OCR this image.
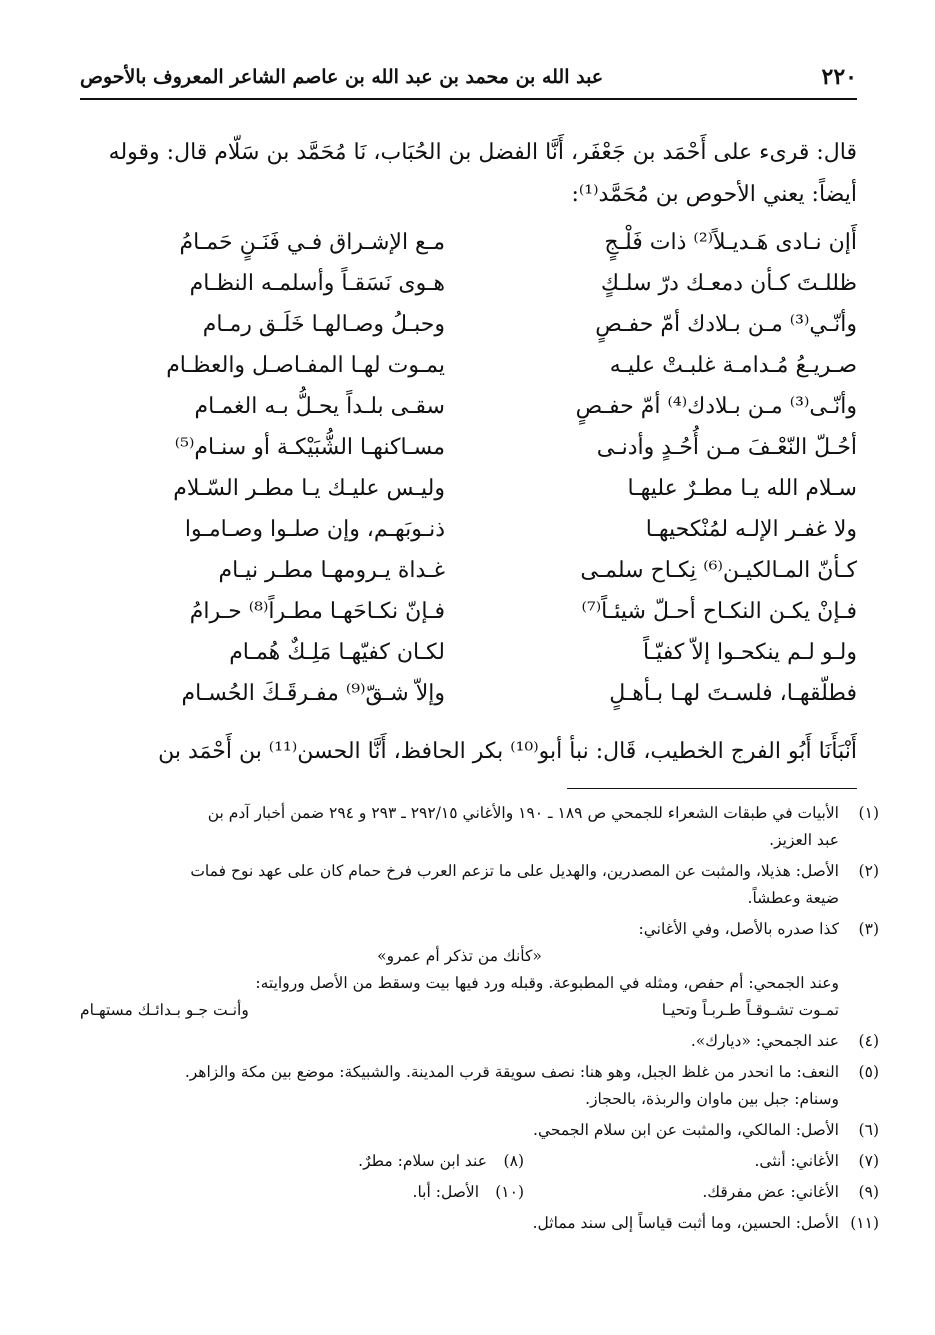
٢٢٠
عبد الله بن محمد بن عبد الله بن عاصم الشاعر المعروف بالأحوص

قال: قرىء على أَحْمَد بن جَعْفَر، أَنَّا الفضل بن الحُبَاب، نَا مُحَمَّد بن سَلّام قال: وقوله

أيضاً: يعني الأحوص بن مُحَمَّد⁽¹⁾:

أَإن نـادى هَـديـلاً⁽²⁾ ذات فَلْـجٍ
مـع الإشـراق فـي فَنَـنٍ حَمـامُ
ظللـتَ كـأن دمعـك درّ سلـكٍ
هـوى نَسَقـاً وأسلمـه النظـام
وأنّـي⁽³⁾ مـن بـلادك أمّ حفـصٍ
وحبـلُ وصـالهـا خَلَـق رمـام
صـريـعُ مُـدامـة غلبـتْ عليـه
يمـوت لهـا المفـاصـل والعظـام
وأنّـى⁽³⁾ مـن بـلادك⁽⁴⁾ أمّ حفـصٍ
سقـى بلـداً يحـلُّ بـه الغمـام
أحُـلّ النّعْـفَ مـن أُحُـدٍ وأدنـى
مسـاكنهـا الشُّبَيْكـة أو سنـام⁽⁵⁾
سـلام الله يـا مطـرٌ عليهـا
وليـس عليـك يـا مطـر السّـلام
ولا غفـر الإلـه لمُنْكحيهـا
ذنـوبَهـم، وإن صلـوا وصـامـوا
كـأنّ المـالكيـن⁽⁶⁾ نِكـاح سلمـى
غـداة يـرومهـا مطـر نيـام
فـإنْ يكـن النكـاح أحـلّ شيئـاً⁽⁷⁾
فـإنّ نكـاحَهـا مطـراً⁽⁸⁾ حـرامُ
ولـو لـم ينكحـوا إلاّ كفيّـاً
لكـان كفيّهـا مَلِـكٌ هُمـام
فطلّقهـا، فلسـتَ لهـا بـأهـلٍ
وإلاّ شـقّ⁽⁹⁾ مفـرقَـكَ الحُسـام
أَنْبَأَنَا أَبُو الفرج الخطيب، قَال: نبأ أبو⁽¹⁰⁾ بكر الحافظ، أَنَّا الحسن⁽¹¹⁾ بن أَحْمَد بن
(١)
الأبيات في طبقات الشعراء للجمحي ص ١٨٩ ـ ١٩٠ والأغاني ٢٩٢/١٥ ـ ٢٩٣ و ٢٩٤ ضمن أخبار آدم بن
عبد العزيز.
(٢)
الأصل: هذيلا، والمثبت عن المصدرين، والهديل على ما تزعم العرب فرخ حمام كان على عهد نوح فمات
ضيعة وعطشاً.
(٣)
كذا صدره بالأصل، وفي الأغاني:
«كأنك من تذكر أم عمرو»
وعند الجمحي: أم حفص، ومثله في المطبوعة. وقبله ورد فيها بيت وسقط من الأصل وروايته:
تمـوت تشـوقـاً طـربـاً وتحيـا
وأنـت جـو بـدائـك مستهـام
(٤)
عند الجمحي: «ديارك».
(٥)
النعف: ما انحدر من غلظ الجبل، وهو هنا: نصف سويقة قرب المدينة. والشبيكة: موضع بين مكة والزاهر.
وسنام: جبل بين ماوان والربذة، بالحجاز.
(٦)
الأصل: المالكي، والمثبت عن ابن سلام الجمحي.
(٧)
الأغاني: أنثى.
(٨)
عند ابن سلام: مطرٌ.
(٩)
الأغاني: عض مفرقك.
(١٠)
الأصل: أبا.
(١١)
الأصل: الحسين، وما أثبت قياساً إلى سند مماثل.
